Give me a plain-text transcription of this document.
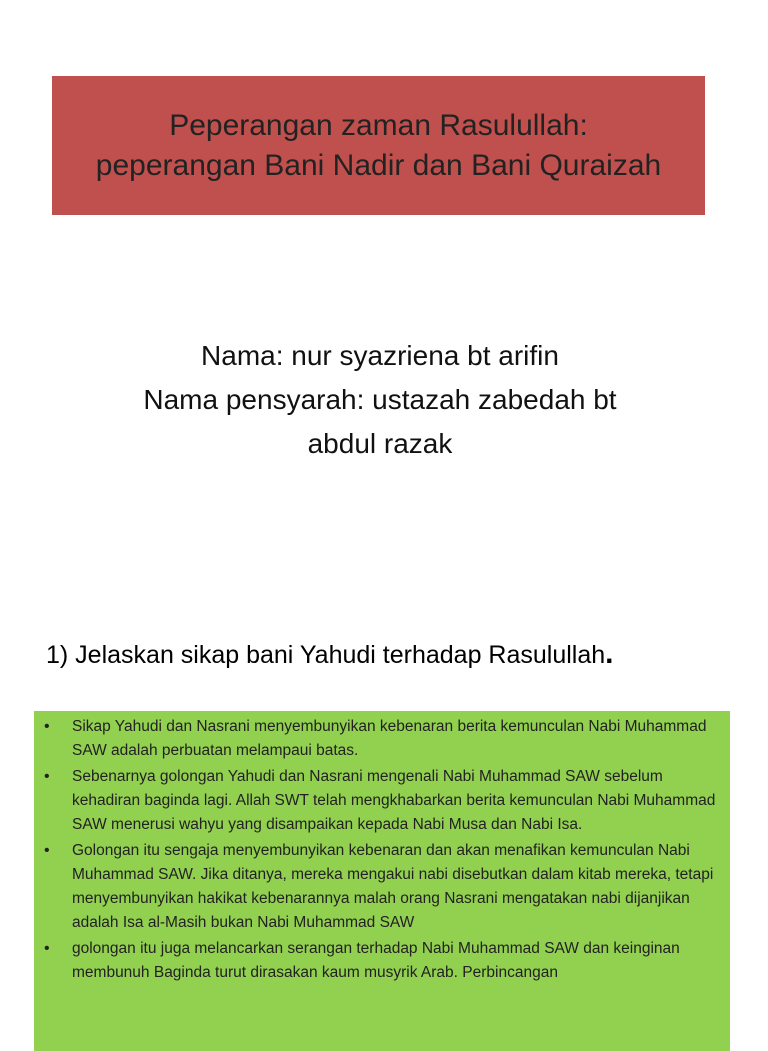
Peperangan zaman Rasulullah:
peperangan Bani Nadir dan Bani Quraizah
Nama: nur syazriena bt arifin
Nama pensyarah: ustazah zabedah bt
abdul razak
1) Jelaskan sikap bani Yahudi terhadap Rasulullah.
• Sikap Yahudi dan Nasrani menyembunyikan kebenaran berita kemunculan Nabi Muhammad SAW adalah perbuatan melampaui batas.
• Sebenarnya golongan Yahudi dan Nasrani mengenali Nabi Muhammad SAW sebelum kehadiran baginda lagi. Allah SWT telah mengkhabarkan berita kemunculan Nabi Muhammad SAW menerusi wahyu yang disampaikan kepada Nabi Musa dan Nabi Isa.
• Golongan itu sengaja menyembunyikan kebenaran dan akan menafikan kemunculan Nabi Muhammad SAW. Jika ditanya, mereka mengakui nabi disebutkan dalam kitab mereka, tetapi menyembunyikan hakikat kebenarannya malah orang Nasrani mengatakan nabi dijanjikan adalah Isa al-Masih bukan Nabi Muhammad SAW
• golongan itu juga melancarkan serangan terhadap Nabi Muhammad SAW dan keinginan membunuh Baginda turut dirasakan kaum musyrik Arab. Perbincangan
